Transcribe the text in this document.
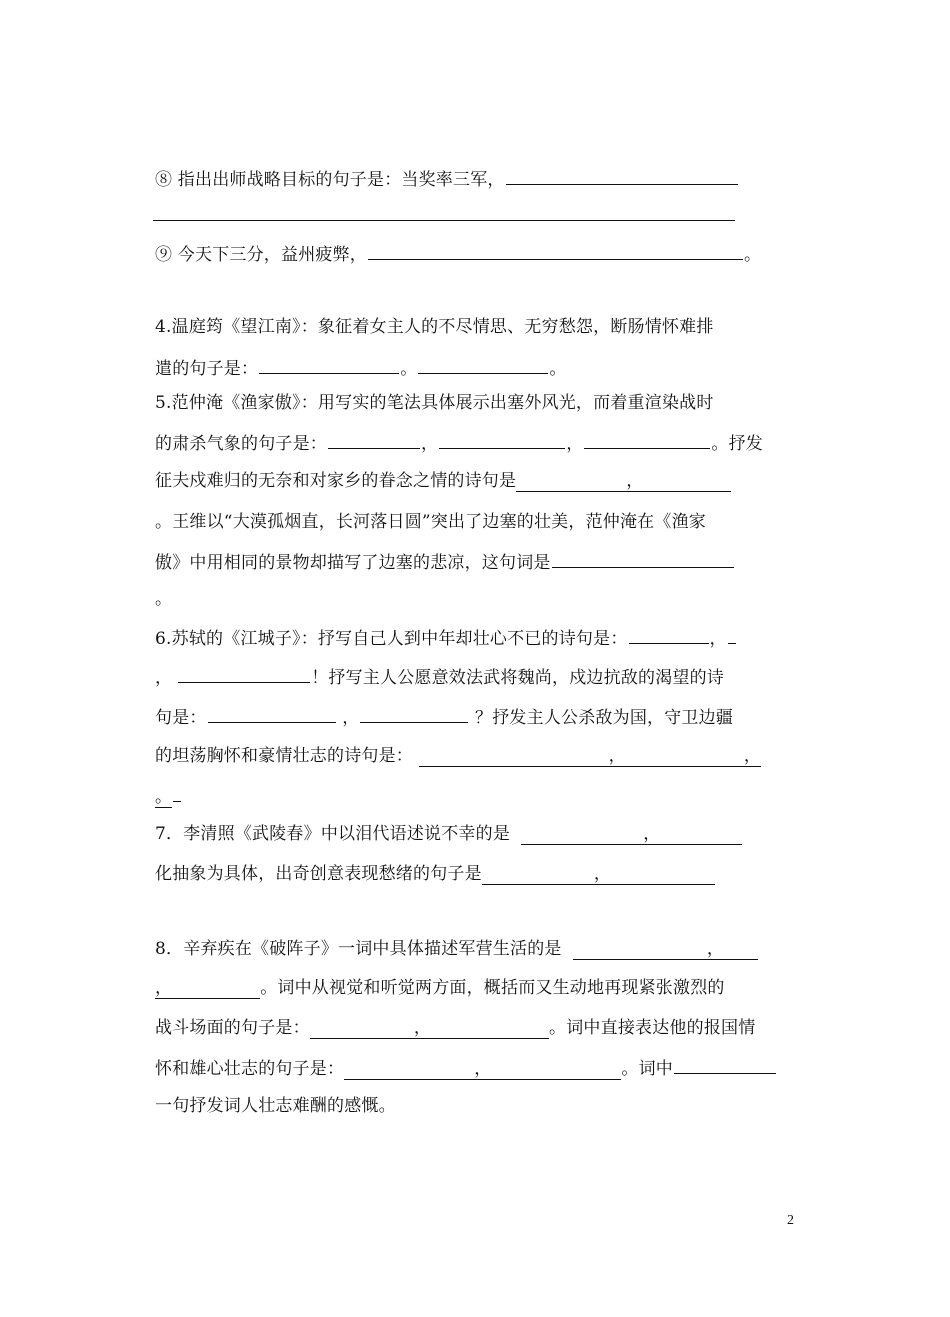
⑧ 指出出师战略目标的句子是：当奖率三军，
⑨ 今天下三分，益州疲弊，	。
4.温庭筠《望江南》：象征着女主人的不尽情思、无穷愁怨，断肠情怀难排
遣的句子是：	。	。
5.范仲淹《渔家傲》：用写实的笔法具体展示出塞外风光，而着重渲染战时
的肃杀气象的句子是：	，	，	。抒发
征夫戍难归的无奈和对家乡的眷念之情的诗句是	，
。王维以“大漠孤烟直，长河落日圆”突出了边塞的壮美，范仲淹在《渔家
傲》中用相同的景物却描写了边塞的悲凉，这句词是
。
6.苏轼的《江城子》：抒写自己人到中年却壮心不已的诗句是：	，
，	！抒写主人公愿意效法武将魏尚，戍边抗敌的渴望的诗
句是：	，	？抒发主人公杀敌为国，守卫边疆
的坦荡胸怀和豪情壮志的诗句是：	，	，
。
7．李清照《武陵春》中以泪代语述说不幸的是	，
化抽象为具体，出奇创意表现愁绪的句子是	，
8．辛弃疾在《破阵子》一词中具体描述军营生活的是	，
，	。词中从视觉和听觉两方面，概括而又生动地再现紧张激烈的
战斗场面的句子是：	，	。词中直接表达他的报国情
怀和雄心壮志的句子是：	，	。词中
一句抒发词人壮志难酬的感慨。
2
